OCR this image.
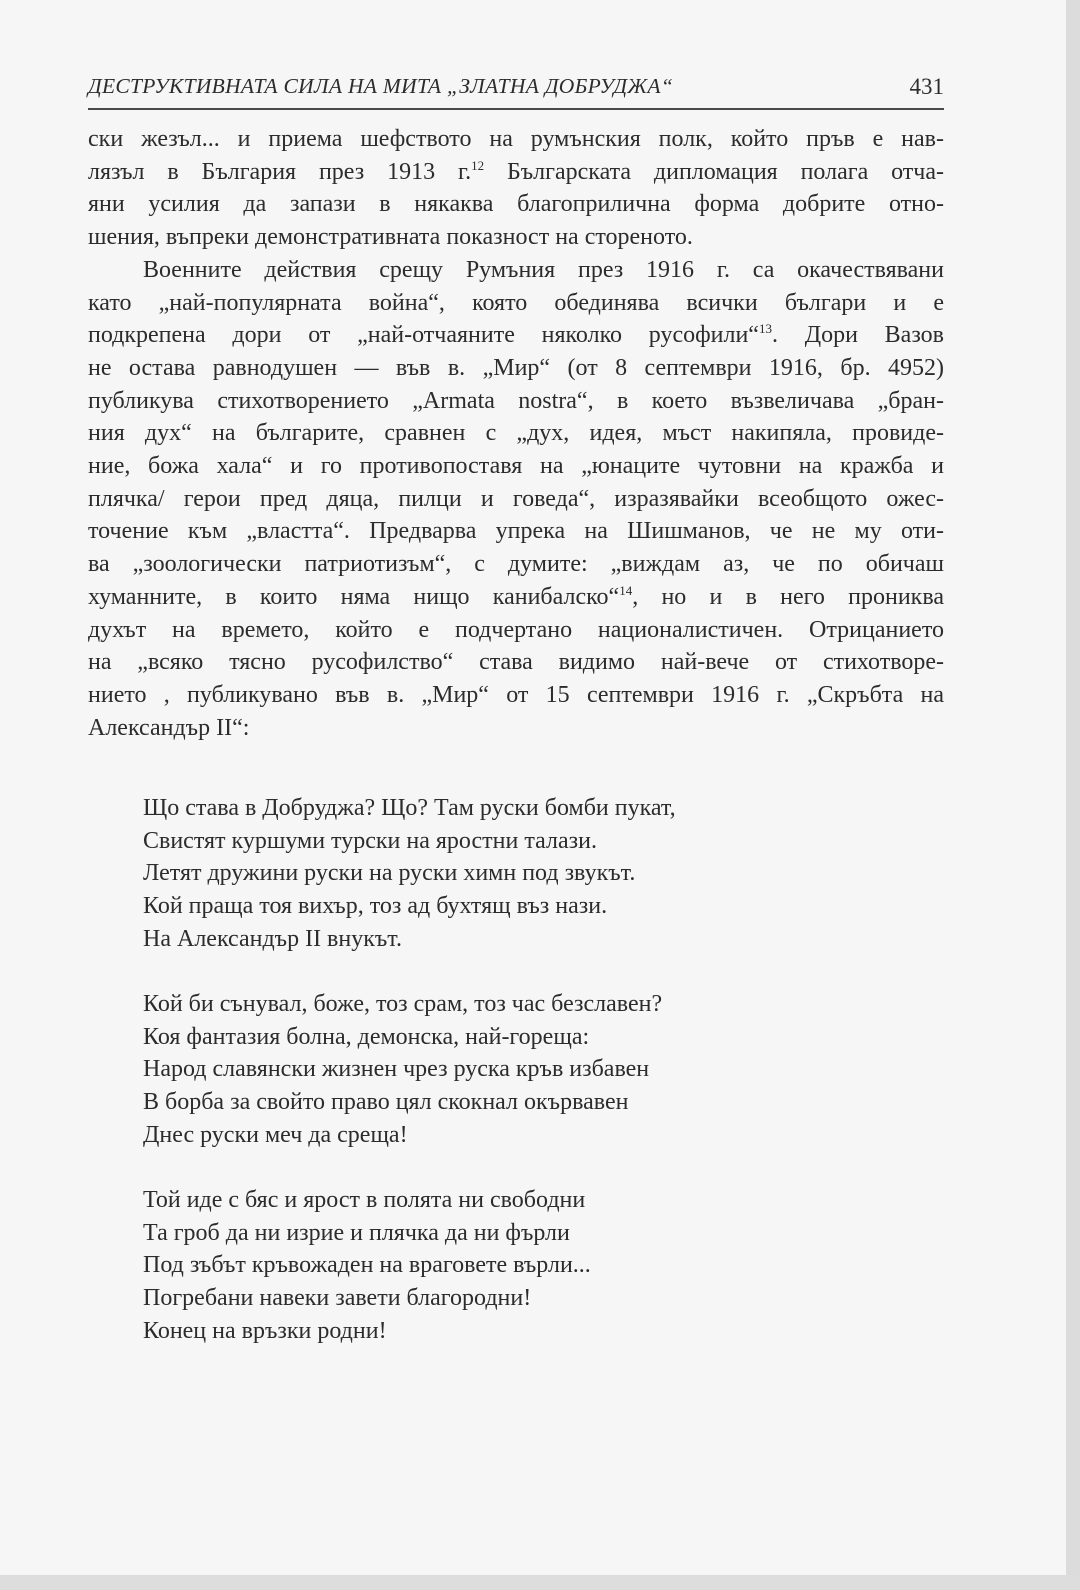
ДЕСТРУКТИВНАТА СИЛА НА МИТА „ЗЛАТНА ДОБРУДЖА“	431
ски жезъл... и приема шефството на румънския полк, който пръв е нав-
лязъл в България през 1913 г.$^{12}$ Българската дипломация полага отча-
яни усилия да запази в някаква благоприлична форма добрите отно-
шения, въпреки демонстративната показност на стореното.
Военните действия срещу Румъния през 1916 г. са окачествявани
като „най-популярната война“, която обединява всички българи и е
подкрепена дори от „най-отчаяните няколко русофили“$^{13}$. Дори Вазов
не остава равнодушен — във в. „Мир“ (от 8 септември 1916, бр. 4952)
публикува стихотворението „Armata nostra“, в което възвеличава „бран-
ния дух“ на българите, сравнен с „дух, идея, мъст накипяла, провиде-
ние, божа хала“ и го противопоставя на „юнаците чутовни на кражба и
плячка/ герои пред дяца, пилци и говеда“, изразявайки всеобщото ожес-
точение към „властта“. Предварва упрека на Шишманов, че не му оти-
ва „зоологически патриотизъм“, с думите: „виждам аз, че по обичаш
хуманните, в които няма нищо канибалско“$^{14}$, но и в него прониква
духът на времето, който е подчертано националистичен. Отрицанието
на „всяко тясно русофилство“ става видимо най-вече от стихотворе-
нието , публикувано във в. „Мир“ от 15 септември 1916 г. „Скръбта на
Александър II“:
Що става в Добруджа? Що? Там руски бомби пукат,
Свистят куршуми турски на яростни талази.
Летят дружини руски на руски химн под звукът.
Кой праща тоя вихър, тоз ад бухтящ въз нази.
На Александър II внукът.
Кой би сънувал, боже, тоз срам, тоз час безславен?
Коя фантазия болна, демонска, най-гореща:
Народ славянски жизнен чрез руска кръв избавен
В борба за свойто право цял скокнал окървавен
Днес руски меч да среща!
Той иде с бяс и ярост в полята ни свободни
Та гроб да ни изрие и плячка да ни фърли
Под зъбът кръвожаден на враговете върли...
Погребани навеки завети благородни!
Конец на връзки родни!
